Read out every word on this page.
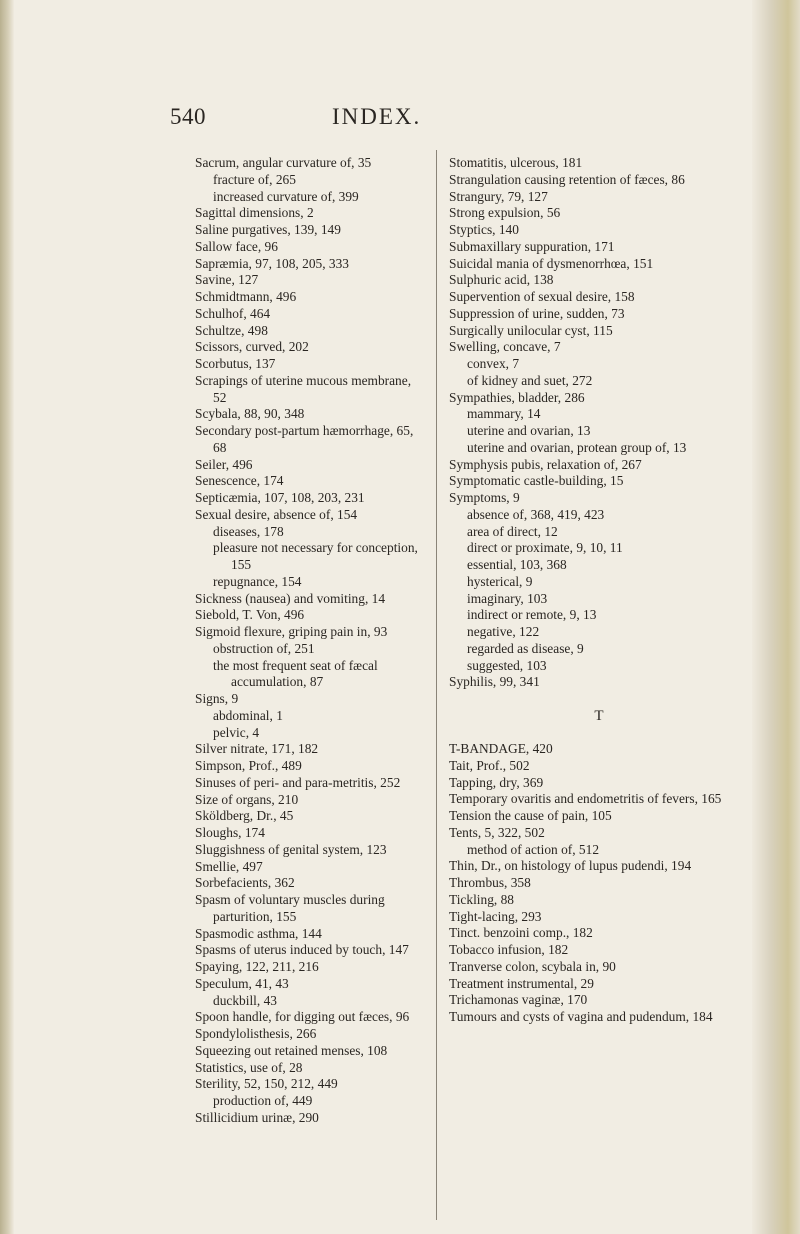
540	INDEX.

Sacrum, angular curvature of, 35

fracture of, 265

increased curvature of, 399

Sagittal dimensions, 2

Saline purgatives, 139, 149

Sallow face, 96

Sapræmia, 97, 108, 205, 333

Savine, 127

Schmidtmann, 496

Schulhof, 464

Schultze, 498

Scissors, curved, 202

Scorbutus, 137

Scrapings of uterine mucous membrane, 52

Scybala, 88, 90, 348

Secondary post-partum hæmorrhage, 65, 68

Seiler, 496

Senescence, 174

Septicæmia, 107, 108, 203, 231

Sexual desire, absence of, 154

diseases, 178

pleasure not necessary for conception, 155

repugnance, 154

Sickness (nausea) and vomiting, 14

Siebold, T. Von, 496

Sigmoid flexure, griping pain in, 93

obstruction of, 251

the most frequent seat of fæcal accumulation, 87

Signs, 9

abdominal, 1

pelvic, 4

Silver nitrate, 171, 182

Simpson, Prof., 489

Sinuses of peri- and para-metritis, 252

Size of organs, 210

Sköldberg, Dr., 45

Sloughs, 174

Sluggishness of genital system, 123

Smellie, 497

Sorbefacients, 362

Spasm of voluntary muscles during parturition, 155

Spasmodic asthma, 144

Spasms of uterus induced by touch, 147

Spaying, 122, 211, 216

Speculum, 41, 43

duckbill, 43

Spoon handle, for digging out fæces, 96

Spondylolisthesis, 266

Squeezing out retained menses, 108

Statistics, use of, 28

Sterility, 52, 150, 212, 449

production of, 449

Stillicidium urinæ, 290

Stomatitis, ulcerous, 181

Strangulation causing retention of fæces, 86

Strangury, 79, 127

Strong expulsion, 56

Styptics, 140

Submaxillary suppuration, 171

Suicidal mania of dysmenorrhœa, 151

Sulphuric acid, 138

Supervention of sexual desire, 158

Suppression of urine, sudden, 73

Surgically unilocular cyst, 115

Swelling, concave, 7

convex, 7

of kidney and suet, 272

Sympathies, bladder, 286

mammary, 14

uterine and ovarian, 13

uterine and ovarian, protean group of, 13

Symphysis pubis, relaxation of, 267

Symptomatic castle-building, 15

Symptoms, 9

absence of, 368, 419, 423

area of direct, 12

direct or proximate, 9, 10, 11

essential, 103, 368

hysterical, 9

imaginary, 103

indirect or remote, 9, 13

negative, 122

regarded as disease, 9

suggested, 103

Syphilis, 99, 341

T

T-BANDAGE, 420

Tait, Prof., 502

Tapping, dry, 369

Temporary ovaritis and endometritis of fevers, 165

Tension the cause of pain, 105

Tents, 5, 322, 502

method of action of, 512

Thin, Dr., on histology of lupus pudendi, 194

Thrombus, 358

Tickling, 88

Tight-lacing, 293

Tinct. benzoini comp., 182

Tobacco infusion, 182

Tranverse colon, scybala in, 90

Treatment instrumental, 29

Trichamonas vaginæ, 170

Tumours and cysts of vagina and pudendum, 184
